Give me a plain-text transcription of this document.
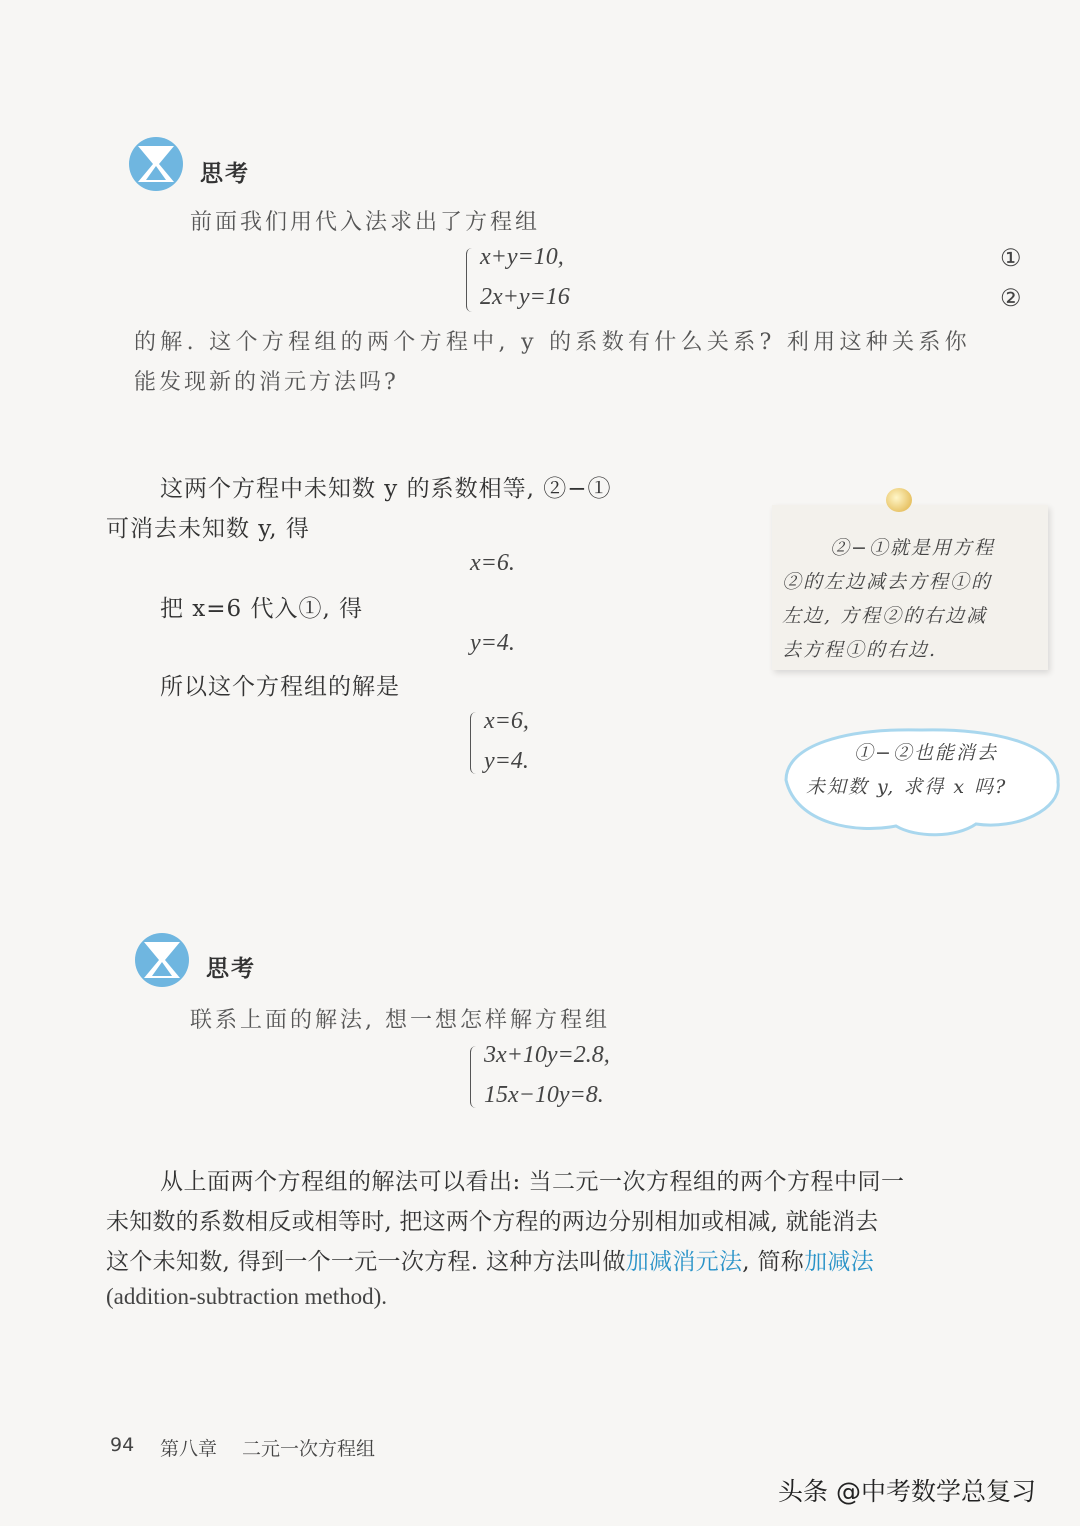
思考
前面我们用代入法求出了方程组
x+y=10,
2x+y=16
①
②
的解. 这个方程组的两个方程中, y 的系数有什么关系? 利用这种关系你
能发现新的消元方法吗?
这两个方程中未知数 y 的系数相等, ②−①
可消去未知数 y, 得
x=6.
把 x=6 代入①, 得
y=4.
所以这个方程组的解是
x=6,
y=4.
②−①就是用方程
②的左边减去方程①的
左边, 方程②的右边减
去方程①的右边.
①−②也能消去
未知数 y, 求得 x 吗?
思考
联系上面的解法, 想一想怎样解方程组
3x+10y=2.8,
15x−10y=8.
从上面两个方程组的解法可以看出: 当二元一次方程组的两个方程中同一
未知数的系数相反或相等时, 把这两个方程的两边分别相加或相减, 就能消去
这个未知数, 得到一个一元一次方程. 这种方法叫做加减消元法, 简称加减法
(addition-subtraction method).
94 第八章 二元一次方程组
头条 @中考数学总复习
